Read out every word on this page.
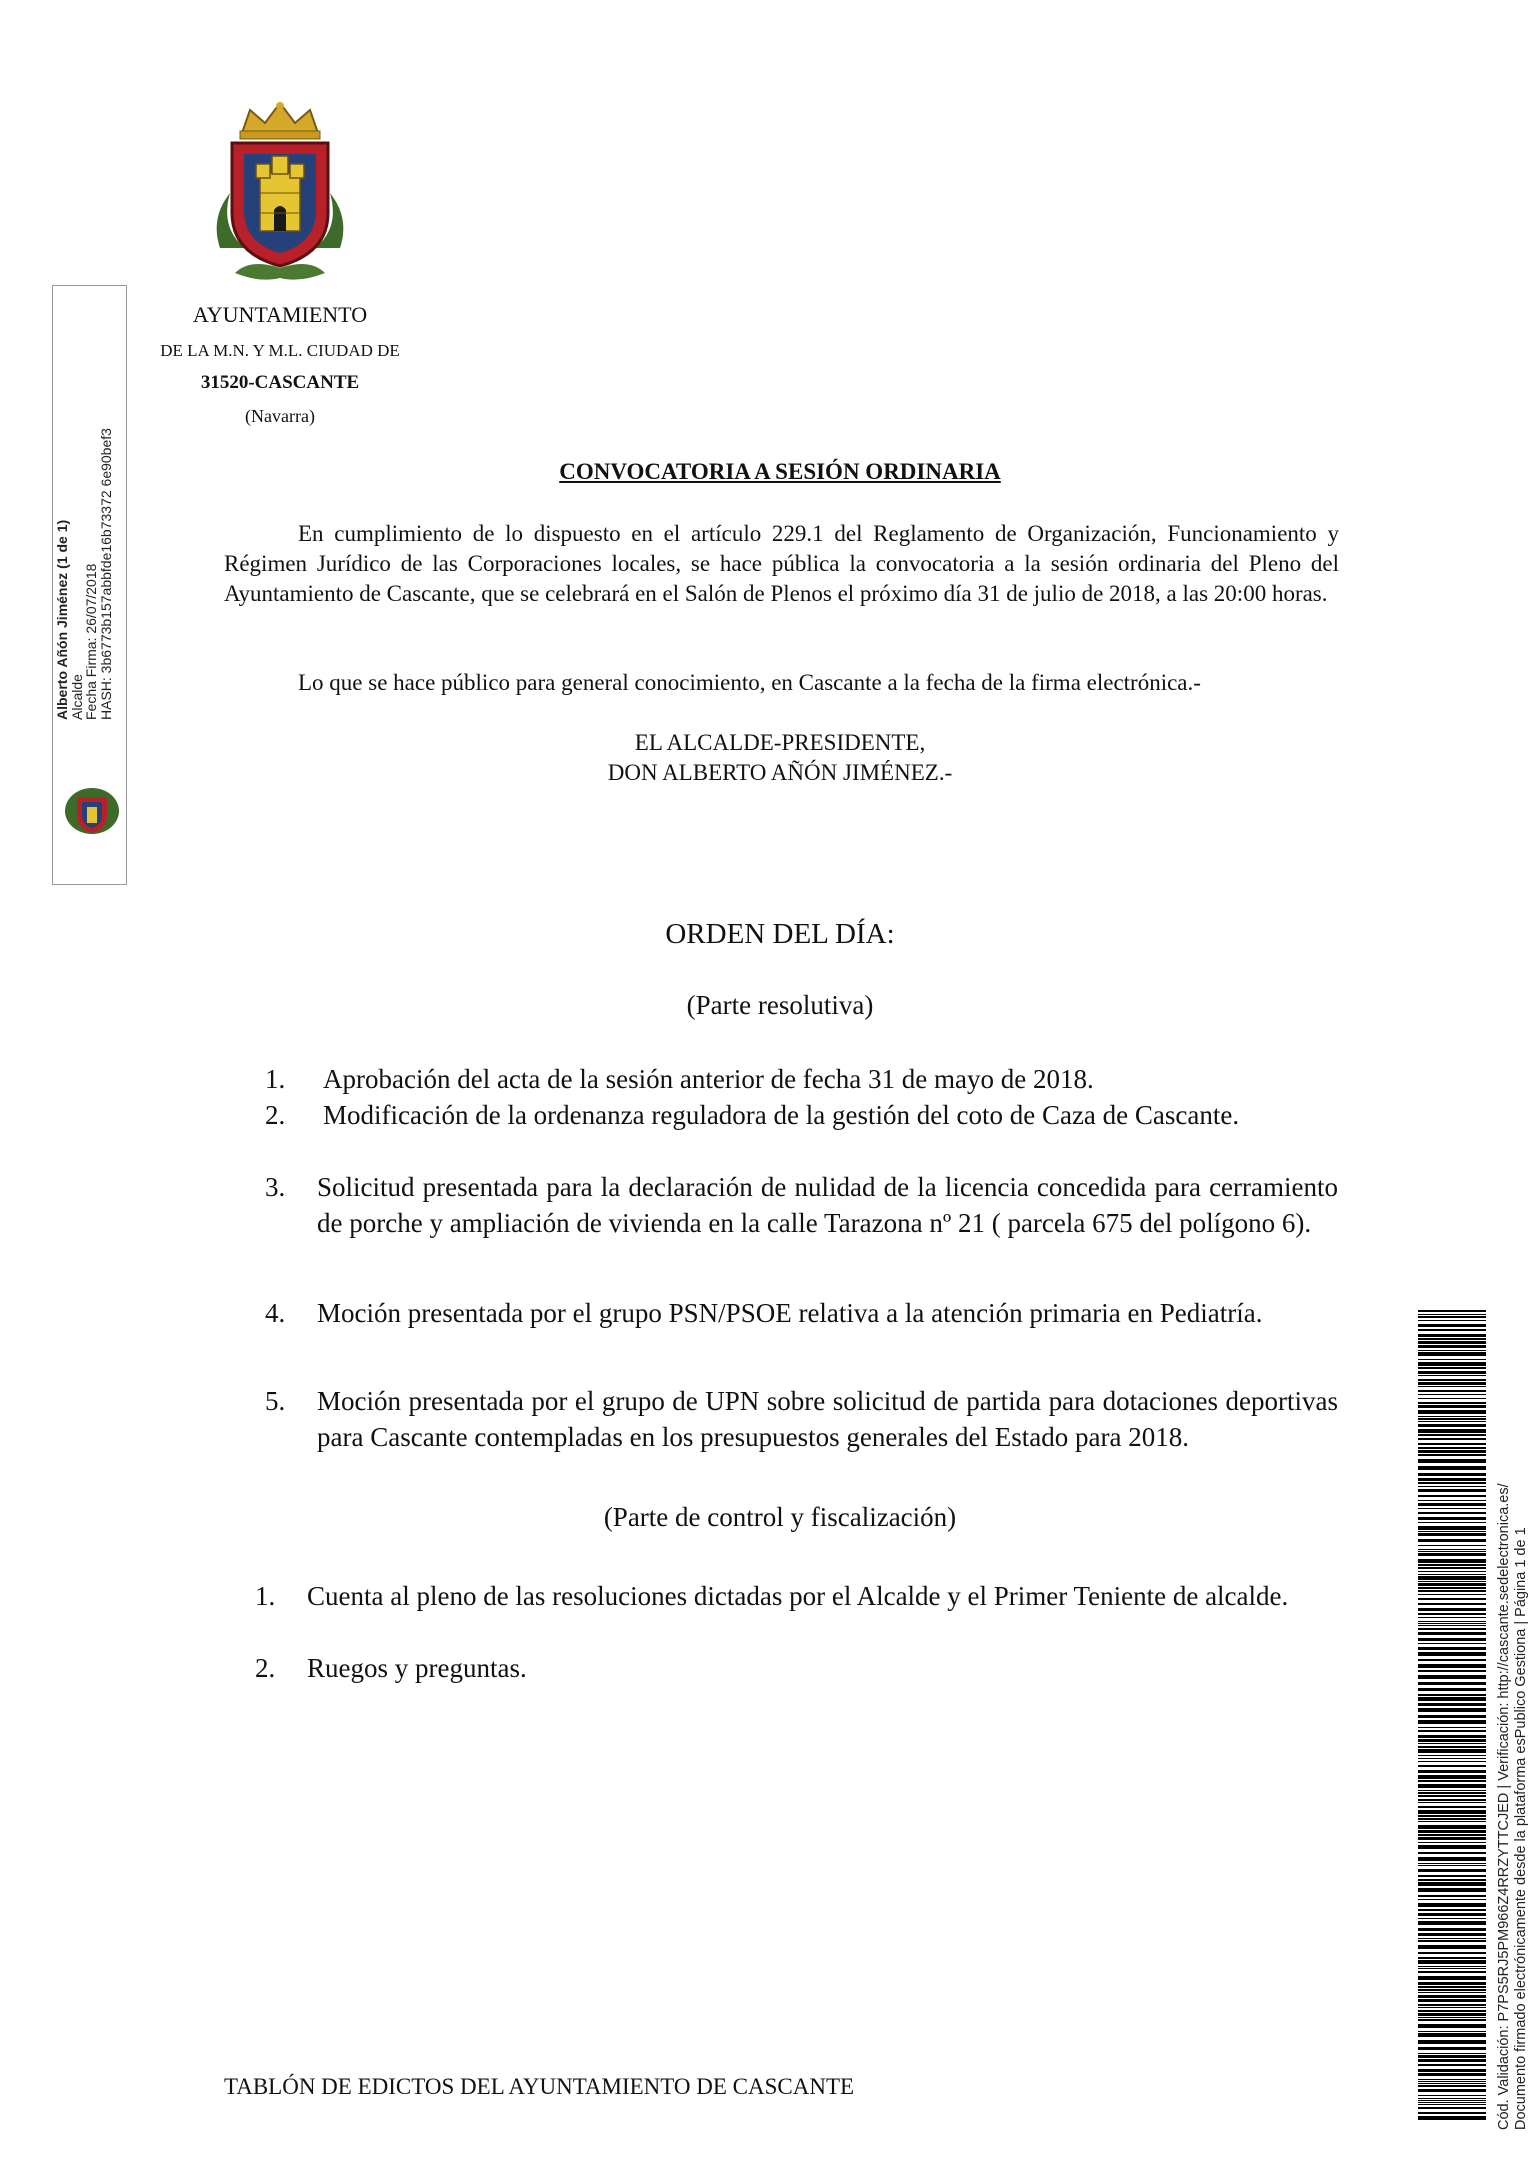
AYUNTAMIENTO
DE LA M.N. Y M.L. CIUDAD DE
31520-CASCANTE
(Navarra)
Alberto Añón Jiménez (1 de 1)
Alcalde
Fecha Firma: 26/07/2018
HASH: 3b6773b157abbfde16b73372 6e90bef3	CONVOCATORIA A SESIÓN ORDINARIA

En cumplimiento de lo dispuesto en el artículo 229.1 del Reglamento de Organización, Funcionamiento y Régimen Jurídico de las Corporaciones locales, se hace pública la convocatoria a la sesión ordinaria del Pleno del Ayuntamiento de Cascante, que se celebrará en el Salón de Plenos el próximo día 31 de julio de 2018, a las 20:00 horas.

Lo que se hace público para general conocimiento, en Cascante a la fecha de la firma electrónica.-
EL ALCALDE-PRESIDENTE,
DON ALBERTO AÑÓN JIMÉNEZ.-
ORDEN DEL DÍA:
(Parte resolutiva)
1.	Aprobación del acta de la sesión anterior de fecha 31 de mayo de 2018.
2.	Modificación de la ordenanza reguladora de la gestión del coto de Caza de Cascante.
3.	Solicitud presentada para la declaración de nulidad de la licencia concedida para cerramiento de porche y ampliación de vivienda en la calle Tarazona nº 21 ( parcela 675 del polígono 6).
4.	Moción presentada por el grupo PSN/PSOE relativa a la atención primaria en Pediatría.
5.	Moción presentada por el grupo de UPN sobre solicitud de partida para dotaciones deportivas para Cascante contempladas en los presupuestos generales del Estado para 2018.
(Parte de control y fiscalización)
1.	Cuenta al pleno de las resoluciones dictadas por el Alcalde y el Primer Teniente de alcalde.
2.	Ruegos y preguntas.
TABLÓN DE EDICTOS DEL AYUNTAMIENTO DE CASCANTE	Cód. Validación: P7PS5RJ5PM966Z4RRZYTTCJED | Verificación: http://cascante.sedelectronica.es/ Documento firmado electrónicamente desde la plataforma esPublico Gestiona | Página 1 de 1
